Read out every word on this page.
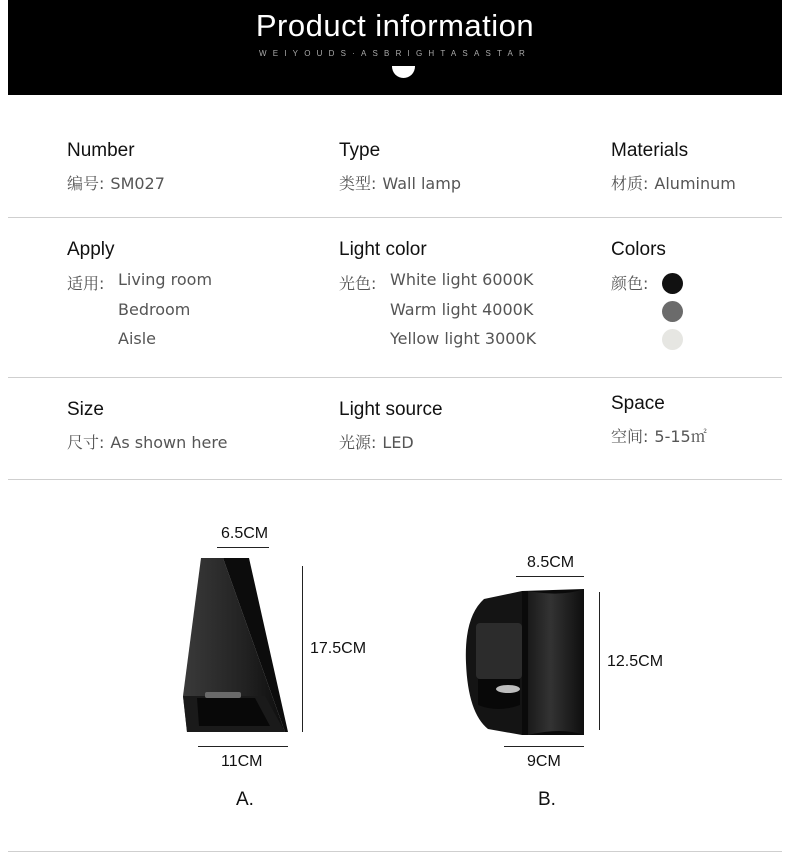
Product information
WEIYOUDS·ASBRIGHTASASTAR
Number
编号: SM027
Type
类型: Wall lamp
Materials
材质: Aluminum
Apply
适用: Living room
Bedroom
Aisle
Light color
光色: White light 6000K
Warm light 4000K
Yellow light 3000K
Colors
颜色:
Size
尺寸: As shown here
Light source
光源: LED
Space
空间: 5-15㎡
6.5CM
17.5CM
11CM
A.
8.5CM
12.5CM
9CM
B.
